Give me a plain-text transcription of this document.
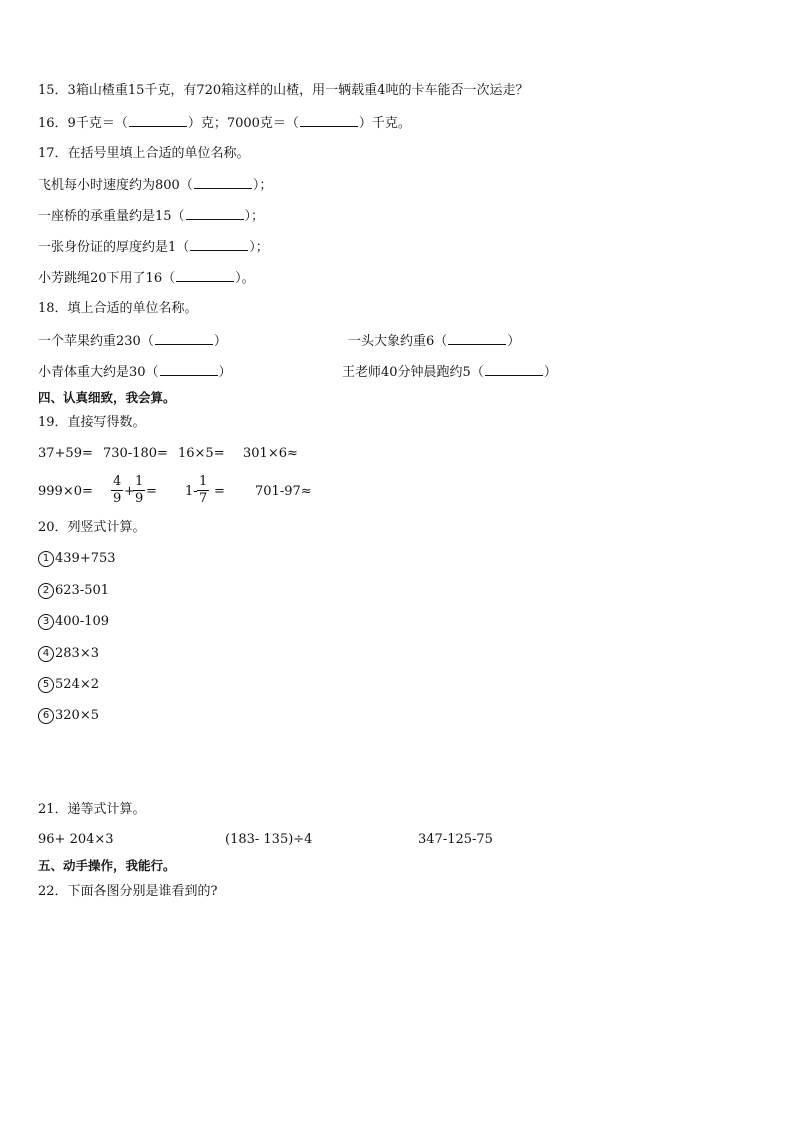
15．3箱山楂重15千克，有720箱这样的山楂，用一辆载重4吨的卡车能否一次运走？
16．9千克＝（	）克；7000克＝（	）千克。
17．在括号里填上合适的单位名称。
飞机每小时速度约为800（	）；
一座桥的承重量约是15（	）；
一张身份证的厚度约是1（	）；
小芳跳绳20下用了16（	）。
18．填上合适的单位名称。
一个苹果约重230（	）	一头大象约重6（	）
小青体重大约是30（	）	王老师40分钟晨跑约5（	）
四、认真细致，我会算。
19．直接写得数。
37+59= 730-180= 16×5= 301×6≈
$999\times 0= \frac{4}{9}$ +
$\frac{1}{9} = 1- \frac{1}{7} = 701-97\approx$
20．列竖式计算。
1 439+753
2 623-501
3 400-109
4 283×3
5 524×2
6 320×5
21．递等式计算。
96+ 204×3	(183- 135)÷4	347-125-75
五、动手操作，我能行。
22．下面各图分别是谁看到的?
